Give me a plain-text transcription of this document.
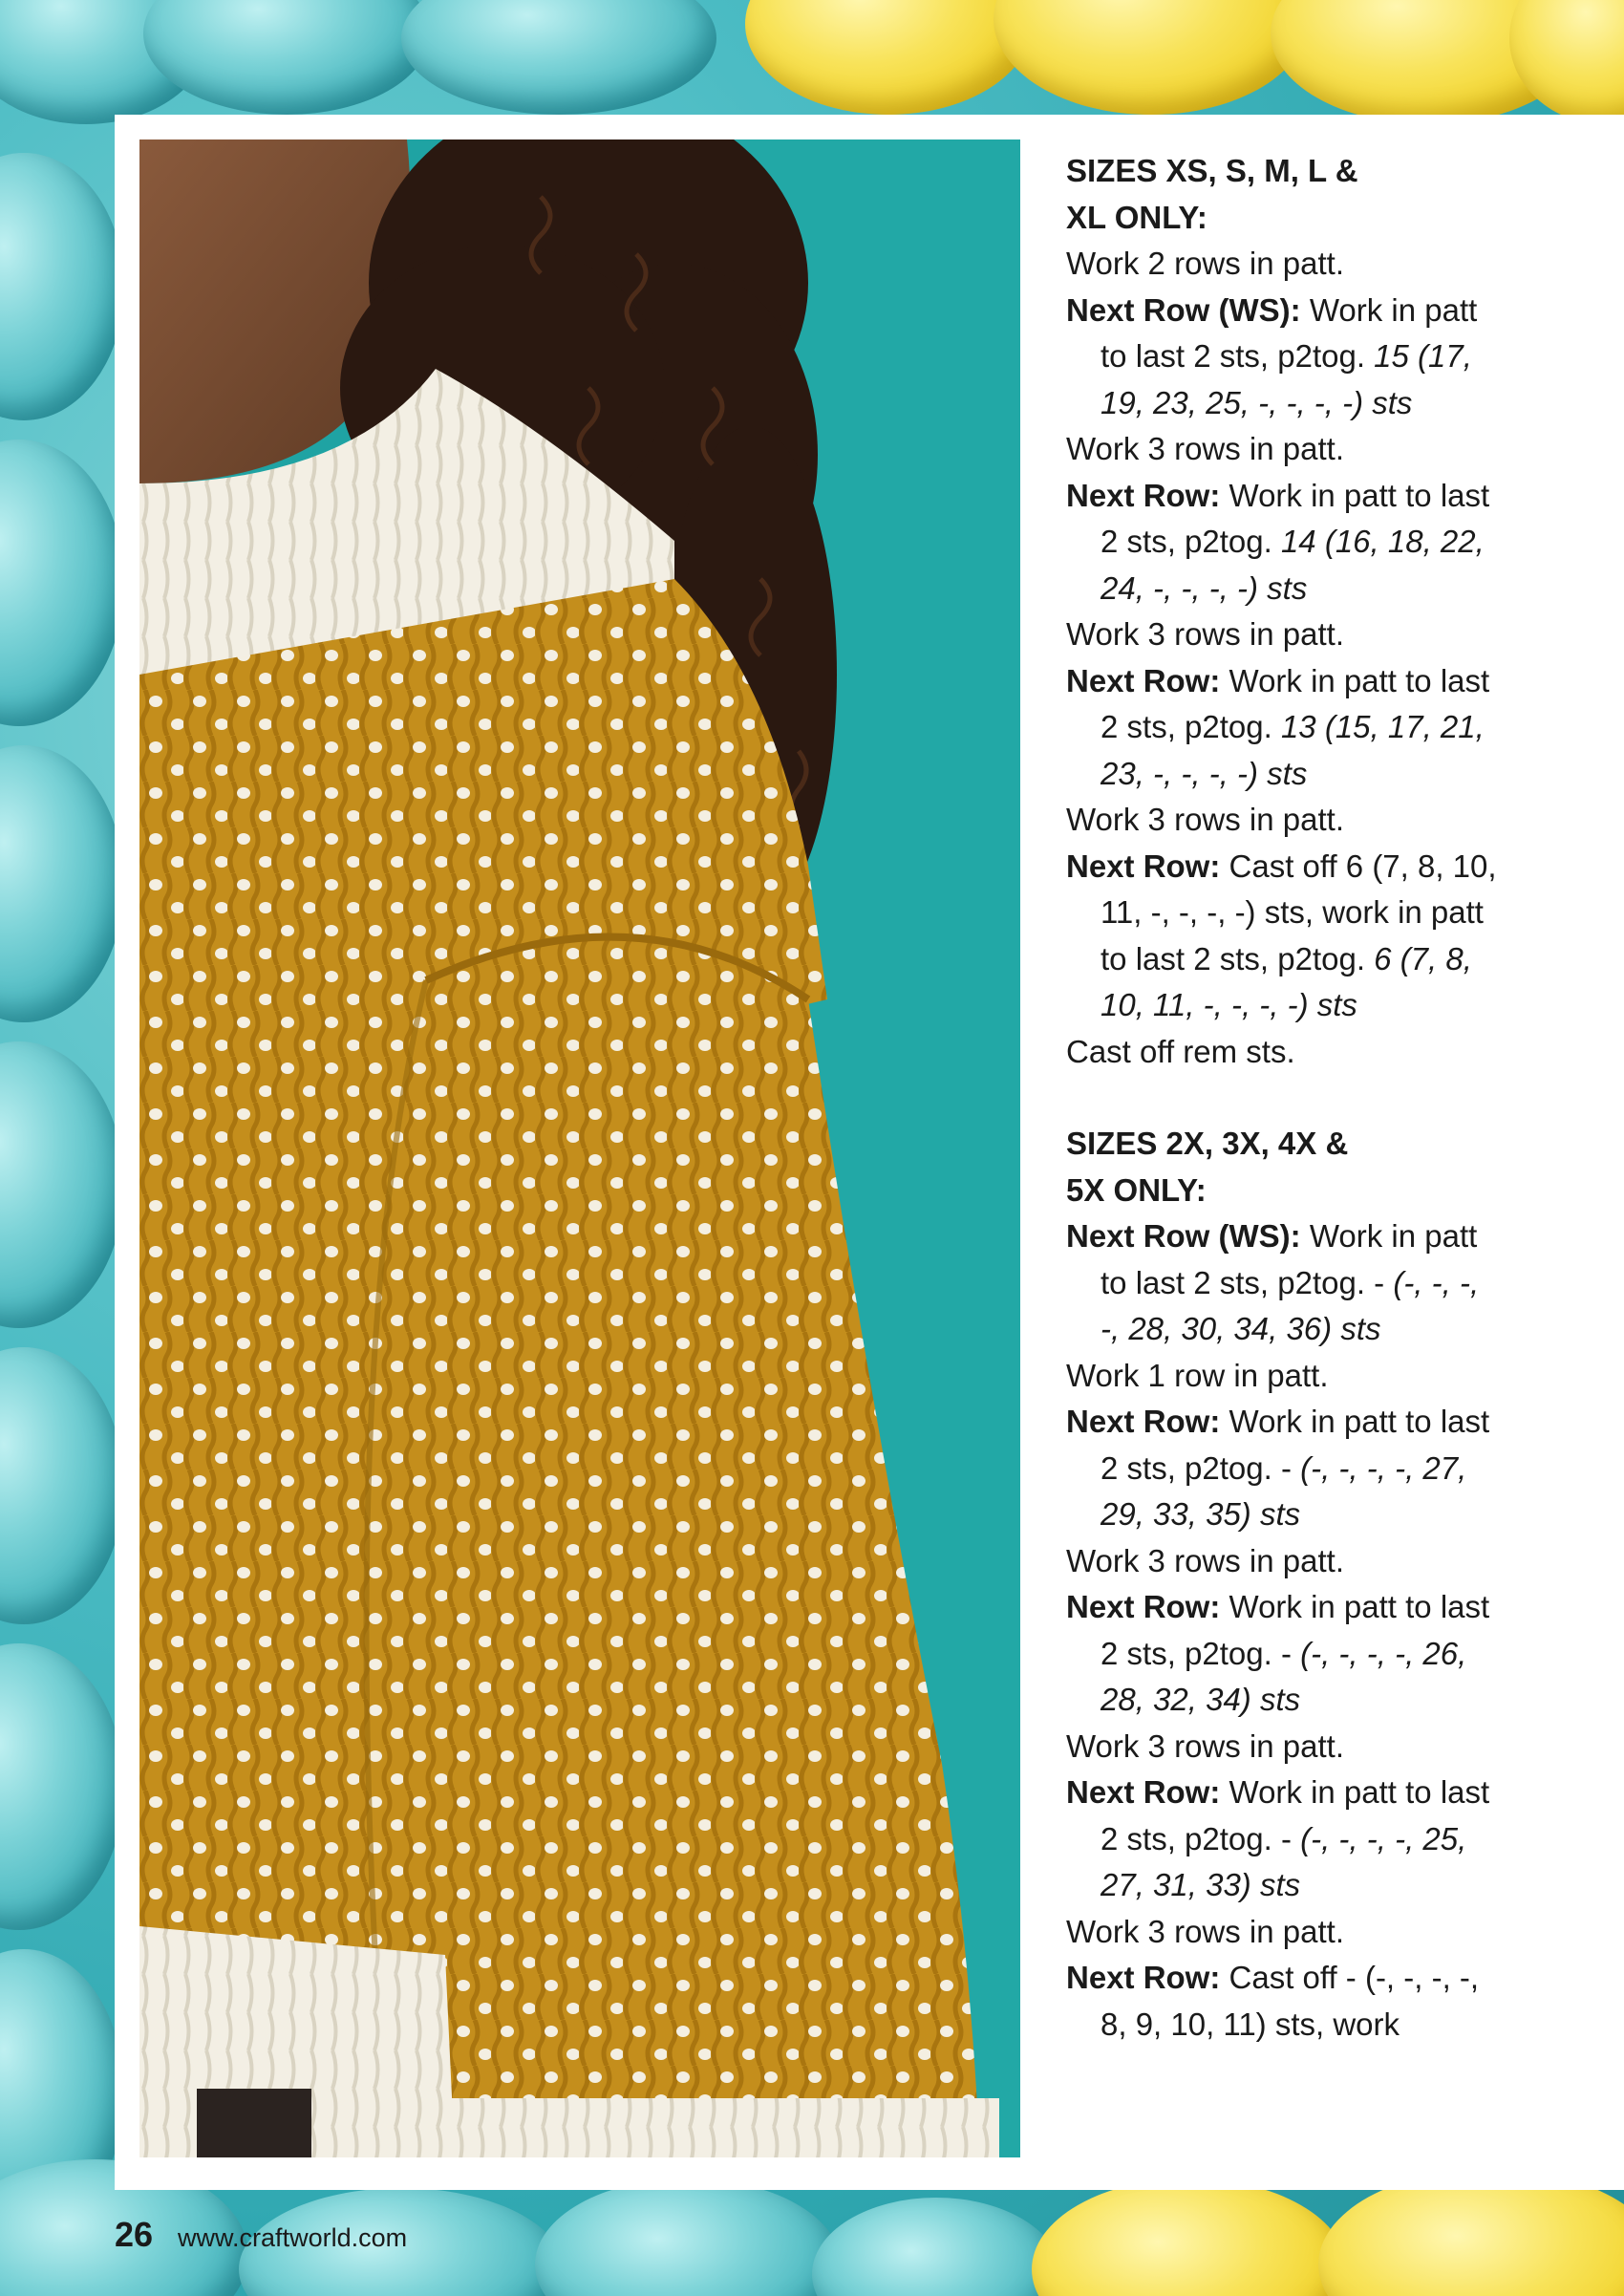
SIZES XS, S, M, L &
XL ONLY:

Work 2 rows in patt.

Next Row (WS): Work in patt to last 2 sts, p2tog. 15 (17, 19, 23, 25, -, -, -, -) sts

Work 3 rows in patt.

Next Row: Work in patt to last 2 sts, p2tog. 14 (16, 18, 22, 24, -, -, -, -) sts

Work 3 rows in patt.

Next Row: Work in patt to last 2 sts, p2tog. 13 (15, 17, 21, 23, -, -, -, -) sts

Work 3 rows in patt.

Next Row: Cast off 6 (7, 8, 10, 11, -, -, -, -) sts, work in patt to last 2 sts, p2tog. 6 (7, 8, 10, 11, -, -, -, -) sts

Cast off rem sts.

SIZES 2X, 3X, 4X &
5X ONLY:

Next Row (WS): Work in patt to last 2 sts, p2tog. - (-, -, -, -, 28, 30, 34, 36) sts

Work 1 row in patt.

Next Row: Work in patt to last 2 sts, p2tog. - (-, -, -, -, 27, 29, 33, 35) sts

Work 3 rows in patt.

Next Row: Work in patt to last 2 sts, p2tog. - (-, -, -, -, 26, 28, 32, 34) sts

Work 3 rows in patt.

Next Row: Work in patt to last 2 sts, p2tog. - (-, -, -, -, 25, 27, 31, 33) sts

Work 3 rows in patt.

Next Row: Cast off - (-, -, -, -, 8, 9, 10, 11) sts, work

26 www.craftworld.com
